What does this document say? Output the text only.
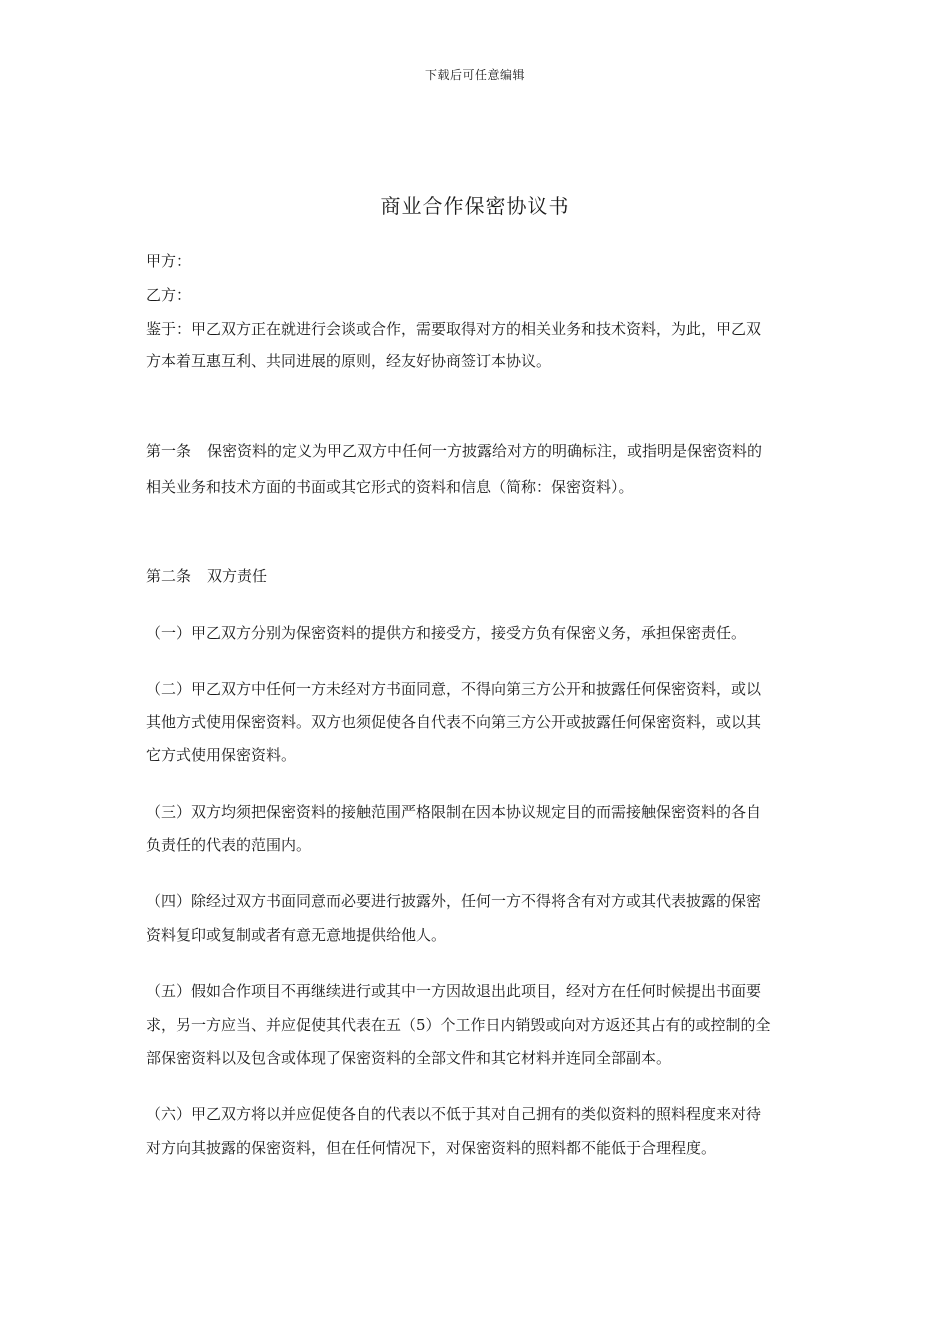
下载后可任意编辑
商业合作保密协议书
甲方：
乙方：
鉴于：甲乙双方正在就进行会谈或合作，需要取得对方的相关业务和技术资料，为此，甲乙双
方本着互惠互利、共同进展的原则，经友好协商签订本协议。
第一条 保密资料的定义为甲乙双方中任何一方披露给对方的明确标注，或指明是保密资料的
相关业务和技术方面的书面或其它形式的资料和信息（简称：保密资料）。
第二条 双方责任
（一）甲乙双方分别为保密资料的提供方和接受方，接受方负有保密义务，承担保密责任。
（二）甲乙双方中任何一方未经对方书面同意，不得向第三方公开和披露任何保密资料，或以
其他方式使用保密资料。双方也须促使各自代表不向第三方公开或披露任何保密资料，或以其
它方式使用保密资料。
（三）双方均须把保密资料的接触范围严格限制在因本协议规定目的而需接触保密资料的各自
负责任的代表的范围内。
（四）除经过双方书面同意而必要进行披露外，任何一方不得将含有对方或其代表披露的保密
资料复印或复制或者有意无意地提供给他人。
（五）假如合作项目不再继续进行或其中一方因故退出此项目，经对方在任何时候提出书面要
求，另一方应当、并应促使其代表在五（5）个工作日内销毁或向对方返还其占有的或控制的全
部保密资料以及包含或体现了保密资料的全部文件和其它材料并连同全部副本。
（六）甲乙双方将以并应促使各自的代表以不低于其对自己拥有的类似资料的照料程度来对待
对方向其披露的保密资料，但在任何情况下，对保密资料的照料都不能低于合理程度。
